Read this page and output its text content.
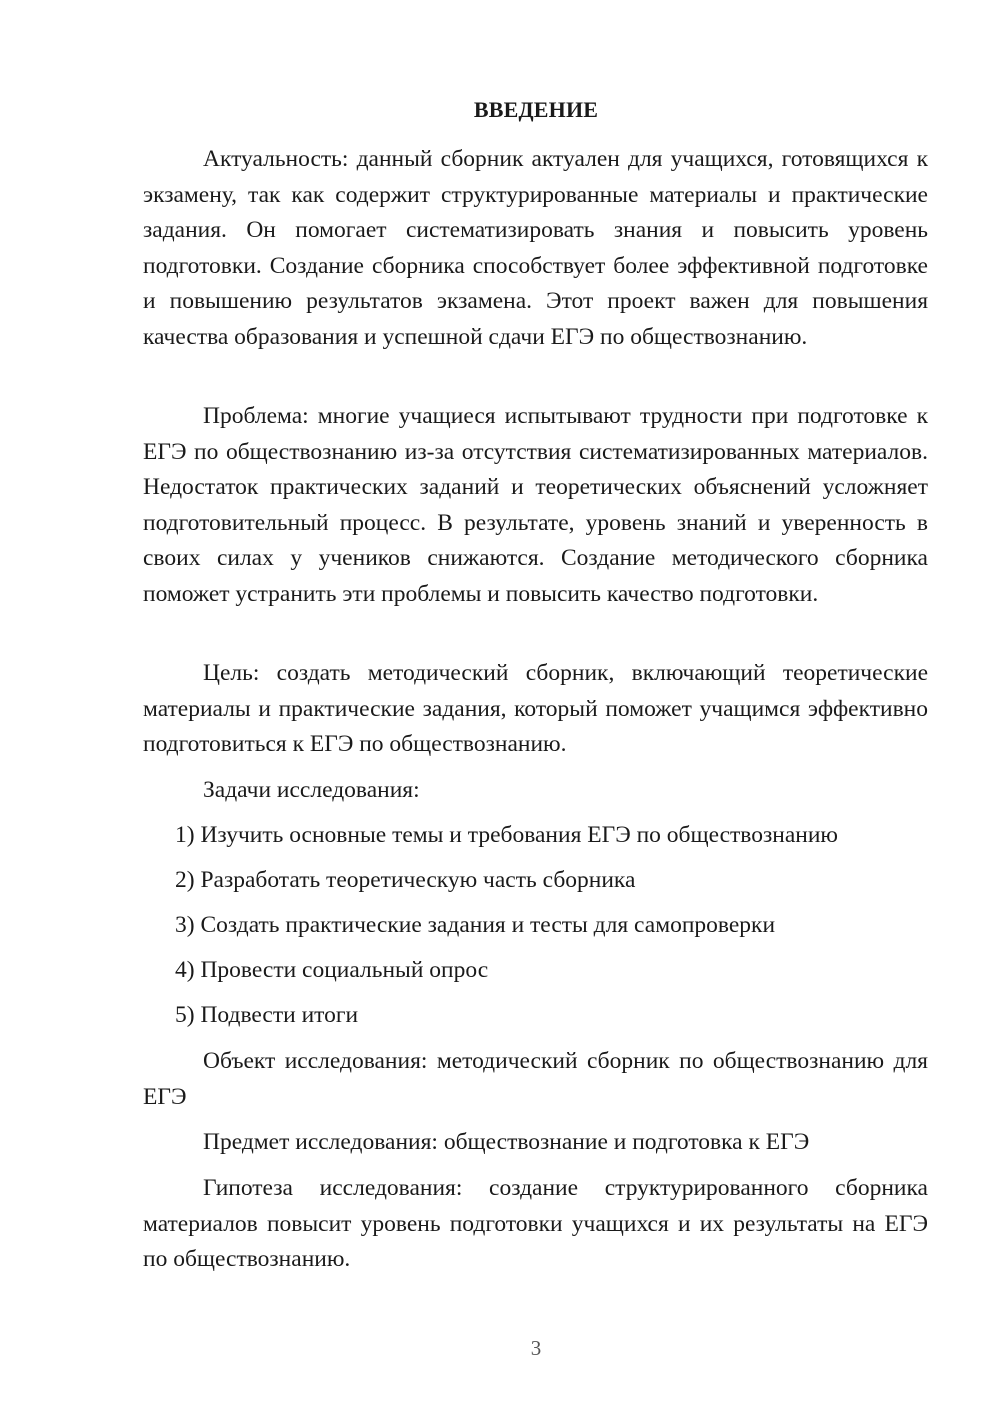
ВВЕДЕНИЕ

Актуальность: данный сборник актуален для учащихся, готовящихся к экзамену, так как содержит структурированные материалы и практические задания. Он помогает систематизировать знания и повысить уровень подготовки. Создание сборника способствует более эффективной подготовке и повышению результатов экзамена. Этот проект важен для повышения качества образования и успешной сдачи ЕГЭ по обществознанию.

Проблема: многие учащиеся испытывают трудности при подготовке к ЕГЭ по обществознанию из-за отсутствия систематизированных материалов. Недостаток практических заданий и теоретических объяснений усложняет подготовительный процесс. В результате, уровень знаний и уверенность в своих силах у учеников снижаются. Создание методического сборника поможет устранить эти проблемы и повысить качество подготовки.

Цель: создать методический сборник, включающий теоретические материалы и практические задания, который поможет учащимся эффективно подготовиться к ЕГЭ по обществознанию.

Задачи исследования:

1) Изучить основные темы и требования ЕГЭ по обществознанию

2) Разработать теоретическую часть сборника

3) Создать практические задания и тесты для самопроверки

4) Провести социальный опрос

5) Подвести итоги

Объект исследования: методический сборник по обществознанию для ЕГЭ

Предмет исследования: обществознание и подготовка к ЕГЭ

Гипотеза исследования: создание структурированного сборника материалов повысит уровень подготовки учащихся и их результаты на ЕГЭ по обществознанию.

3
